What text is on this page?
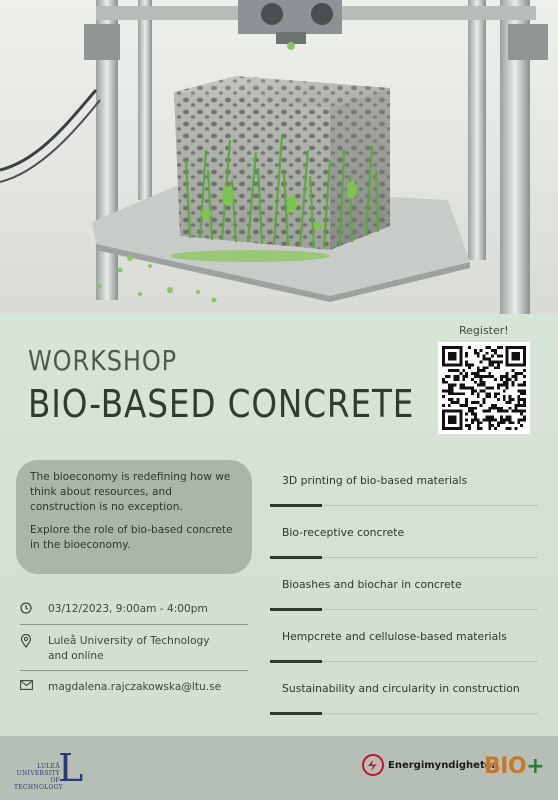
WORKSHOP
BIO-BASED CONCRETE
Register!

The bioeconomy is redefining how we think about resources, and construction is no exception.

Explore the role of bio-based concrete in the bioeconomy.

03/12/2023, 9:00am - 4:00pm
Luleå University of Technology
and online
magdalena.rajczakowska@ltu.se
3D printing of bio-based materials
Bio-receptive concrete
Bioashes and biochar in concrete
Hempcrete and cellulose-based materials
Sustainability and circularity in construction
LULEÅ
UNIVERSITY
OF TECHNOLOGY
L	Energimyndigheten
BIO+
